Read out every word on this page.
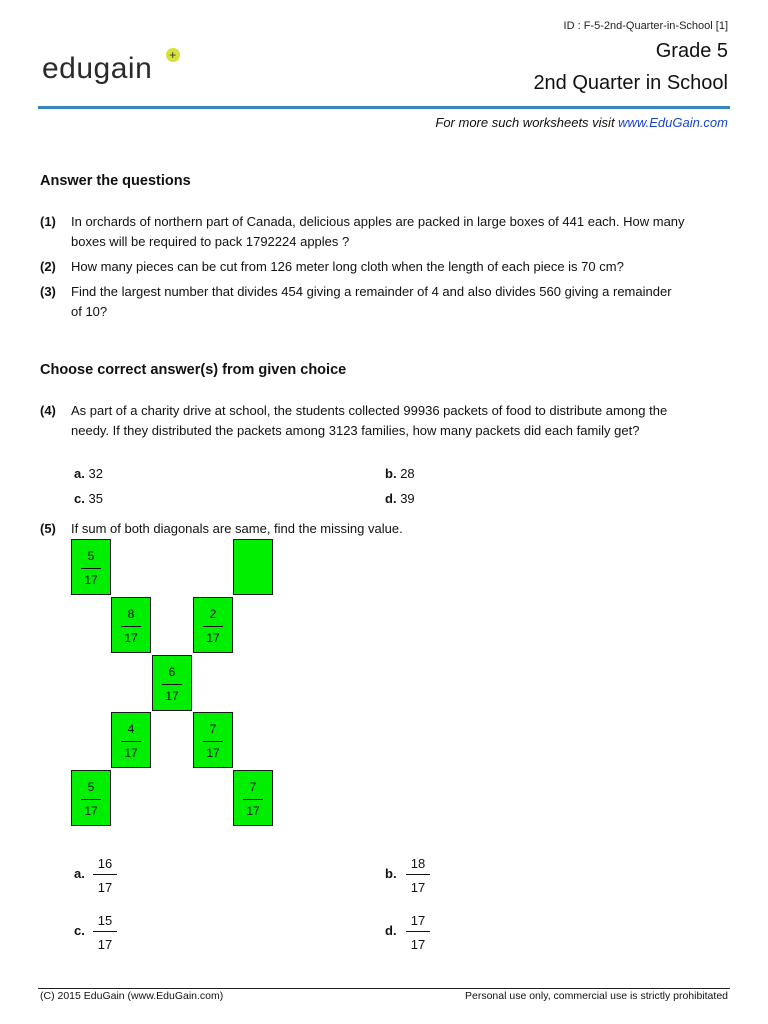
ID : F-5-2nd-Quarter-in-School [1]
Grade 5
2nd Quarter in School
edugain +
For more such worksheets visit www.EduGain.com
Answer the questions
(1) In orchards of northern part of Canada, delicious apples are packed in large boxes of 441 each. How many boxes will be required to pack 1792224 apples ?
(2) How many pieces can be cut from 126 meter long cloth when the length of each piece is 70 cm?
(3) Find the largest number that divides 454 giving a remainder of 4 and also divides 560 giving a remainder of 10?
Choose correct answer(s) from given choice
(4) As part of a charity drive at school, the students collected 99936 packets of food to distribute among the needy. If they distributed the packets among 3123 families, how many packets did each family get?
a. 32	b. 28
c. 35	d. 39
(5) If sum of both diagonals are same, find the missing value.
5
17
8
17
2
17
6
17
4
17
7
17
5
17
7
17
a.
16
17
b.
18
17
c.
15
17
d.
17
17
(C) 2015 EduGain (www.EduGain.com)	Personal use only, commercial use is strictly prohibitated
